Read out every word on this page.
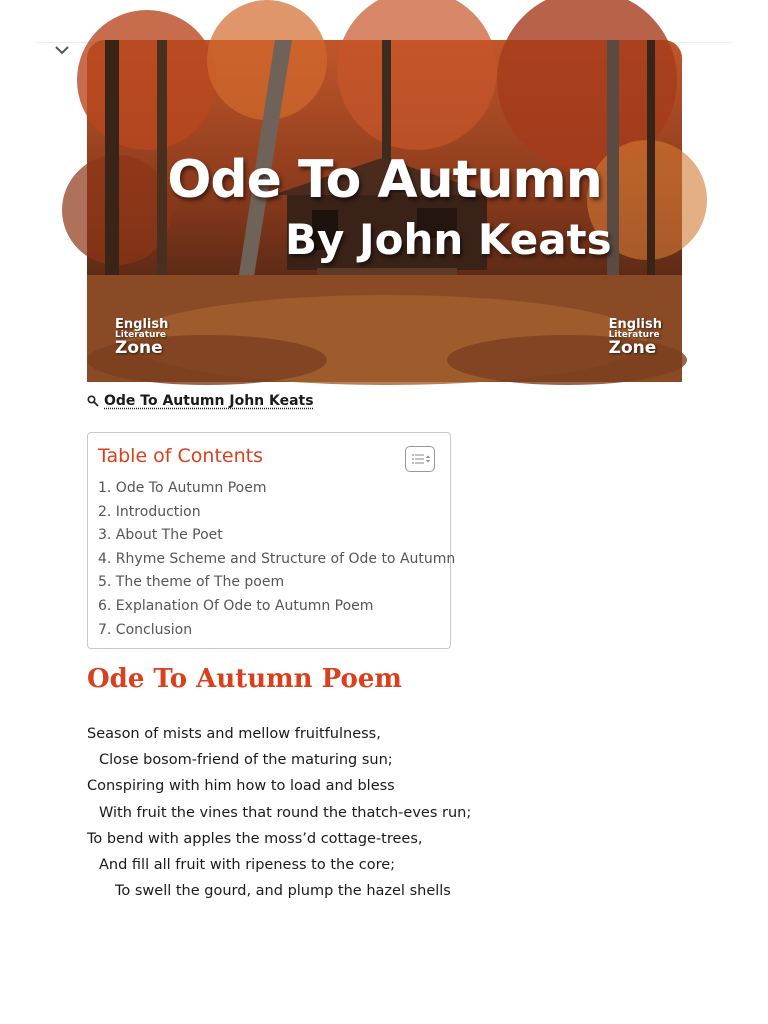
Ode To Autumn
By John Keats
English
Literature
Zone
English
Literature
Zone
Ode To Autumn John Keats
Table of Contents
1. Ode To Autumn Poem
2. Introduction
3. About The Poet
4. Rhyme Scheme and Structure of Ode to Autumn
5. The theme of The poem
6. Explanation Of Ode to Autumn Poem
7. Conclusion
Ode To Autumn Poem
Season of mists and mellow fruitfulness,
Close bosom-friend of the maturing sun;
Conspiring with him how to load and bless
With fruit the vines that round the thatch-eves run;
To bend with apples the moss’d cottage-trees,
And fill all fruit with ripeness to the core;
To swell the gourd, and plump the hazel shells
